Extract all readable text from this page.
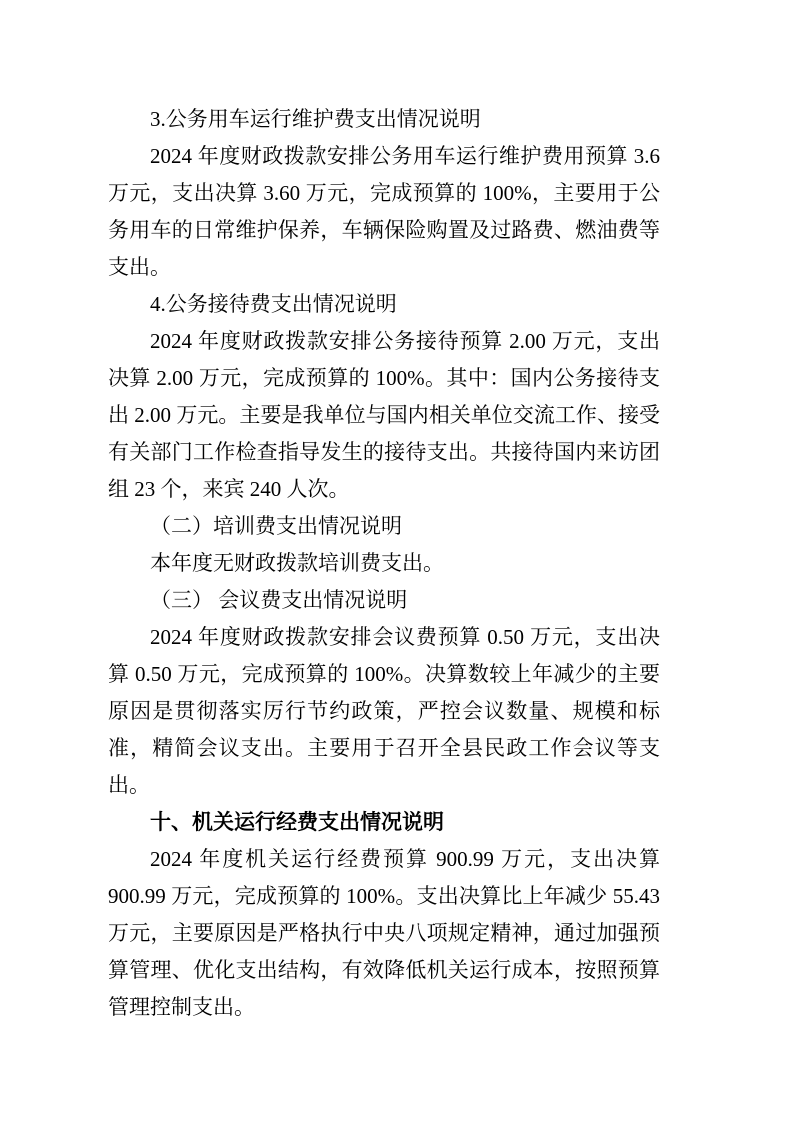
3.公务用车运行维护费支出情况说明

2024 年度财政拨款安排公务用车运行维护费用预算 3.6 万元，支出决算 3.60 万元，完成预算的 100%，主要用于公务用车的日常维护保养，车辆保险购置及过路费、燃油费等支出。

4.公务接待费支出情况说明

2024 年度财政拨款安排公务接待预算 2.00 万元，支出决算 2.00 万元，完成预算的 100%。其中：国内公务接待支出 2.00 万元。主要是我单位与国内相关单位交流工作、接受有关部门工作检查指导发生的接待支出。共接待国内来访团组 23 个，来宾 240 人次。

（二）培训费支出情况说明

本年度无财政拨款培训费支出。

（三） 会议费支出情况说明

2024 年度财政拨款安排会议费预算 0.50 万元，支出决算 0.50 万元，完成预算的 100%。决算数较上年减少的主要原因是贯彻落实厉行节约政策，严控会议数量、规模和标准，精简会议支出。主要用于召开全县民政工作会议等支出。

十、机关运行经费支出情况说明

2024 年度机关运行经费预算 900.99 万元，支出决算 900.99 万元，完成预算的 100%。支出决算比上年减少 55.43 万元，主要原因是严格执行中央八项规定精神，通过加强预算管理、优化支出结构，有效降低机关运行成本，按照预算管理控制支出。
